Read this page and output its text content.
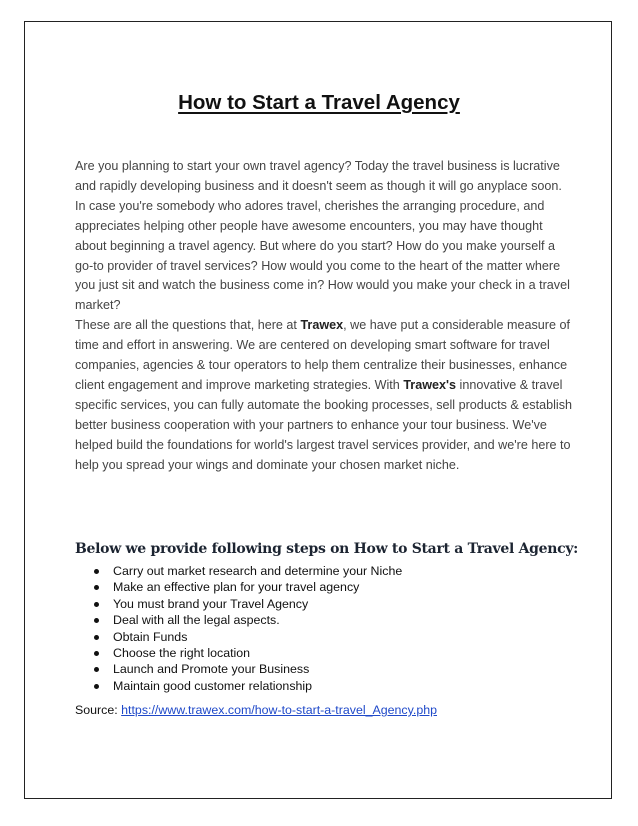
How to Start a Travel Agency

Are you planning to start your own travel agency? Today the travel business is lucrative and rapidly developing business and it doesn't seem as though it will go anyplace soon. In case you're somebody who adores travel, cherishes the arranging procedure, and appreciates helping other people have awesome encounters, you may have thought about beginning a travel agency. But where do you start? How do you make yourself a go-to provider of travel services? How would you come to the heart of the matter where you just sit and watch the business come in? How would you make your check in a travel market?

These are all the questions that, here at Trawex, we have put a considerable measure of time and effort in answering. We are centered on developing smart software for travel companies, agencies & tour operators to help them centralize their businesses, enhance client engagement and improve marketing strategies. With Trawex's innovative & travel specific services, you can fully automate the booking processes, sell products & establish better business cooperation with your partners to enhance your tour business. We've helped build the foundations for world's largest travel services provider, and we're here to help you spread your wings and dominate your chosen market niche.

Below we provide following steps on How to Start a Travel Agency:
Carry out market research and determine your Niche
Make an effective plan for your travel agency
You must brand your Travel Agency
Deal with all the legal aspects.
Obtain Funds
Choose the right location
Launch and Promote your Business
Maintain good customer relationship
Source: https://www.trawex.com/how-to-start-a-travel_Agency.php
